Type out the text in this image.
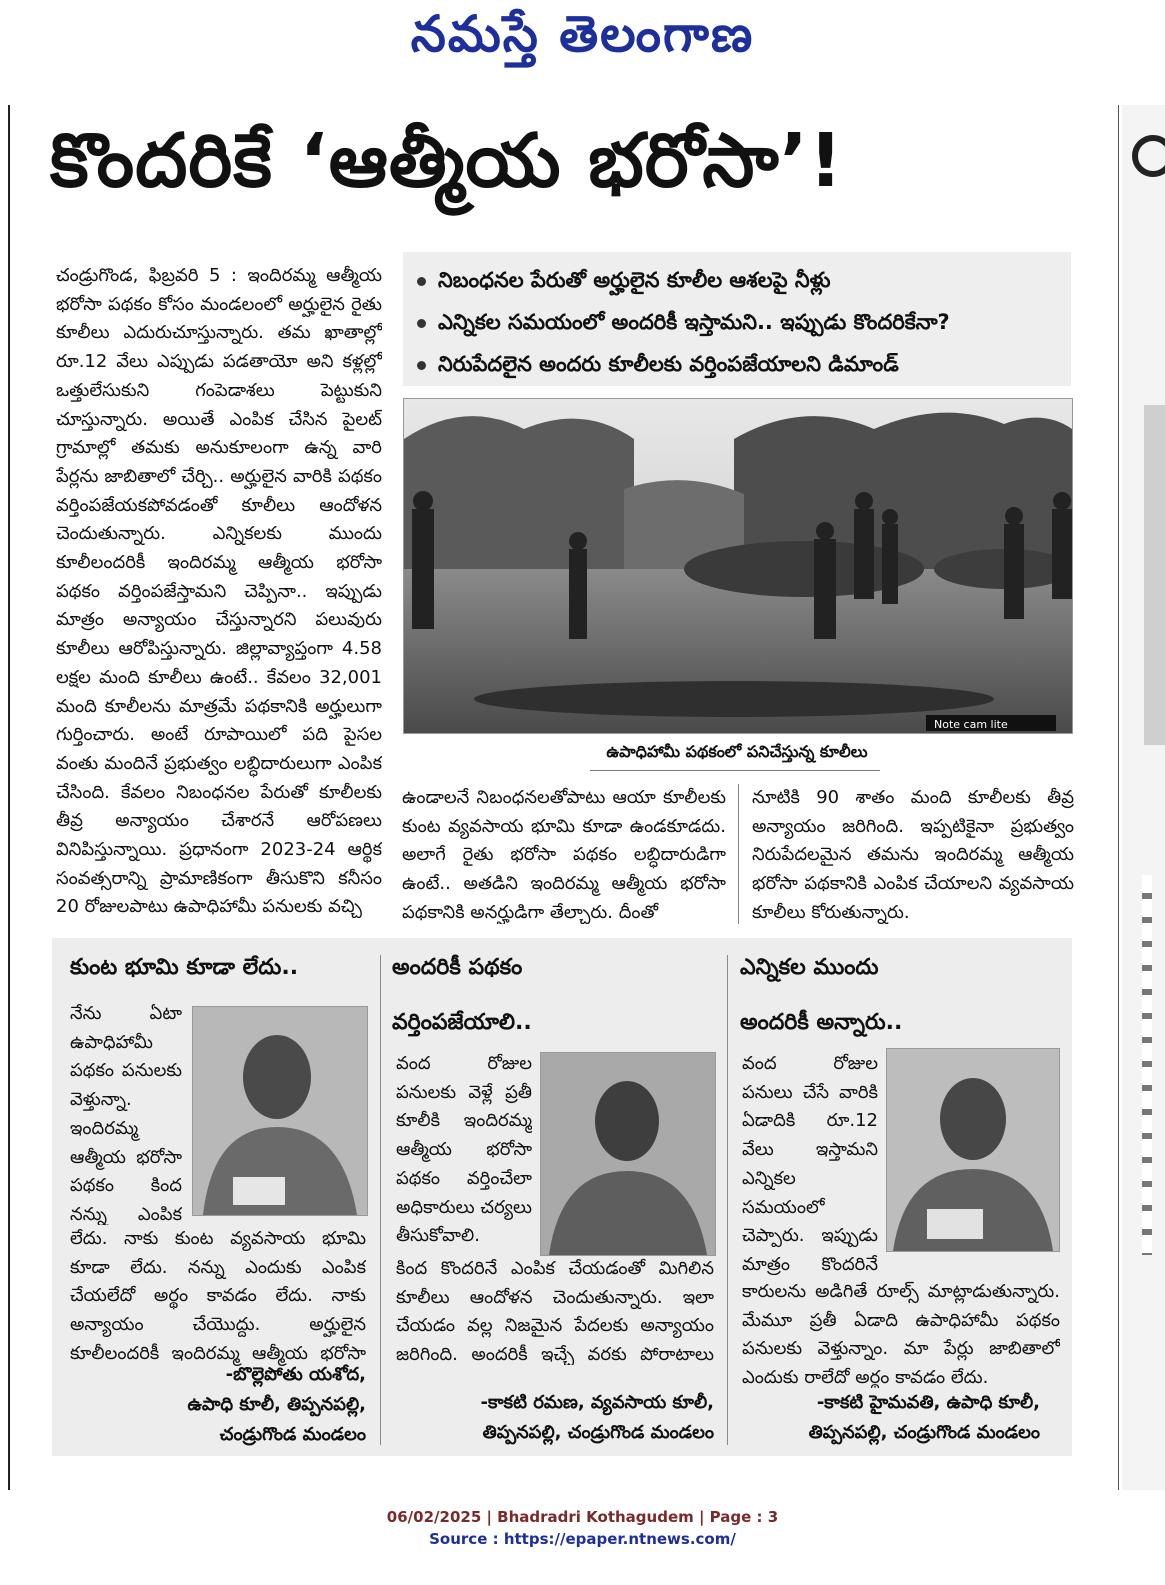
నమస్తే తెలంగాణ
కొందరికే ‘ఆత్మీయ భరోసా’!
చండ్రుగొండ, ఫిబ్రవరి 5 : ఇందిరమ్మ ఆత్మీయ భరోసా పథకం కోసం మండలంలో అర్హులైన రైతు కూలీలు ఎదురుచూస్తున్నారు. తమ ఖాతాల్లో రూ.12 వేలు ఎప్పుడు పడతాయో అని కళ్లల్లో ఒత్తులేసుకుని గంపెడాశలు పెట్టుకుని చూస్తున్నారు. అయితే ఎంపిక చేసిన పైలట్ గ్రామాల్లో తమకు అనుకూలంగా ఉన్న వారి పేర్లను జాబితాలో చేర్చి.. అర్హులైన వారికి పథకం వర్తింపజేయకపోవడంతో కూలీలు ఆందోళన చెందుతున్నారు. ఎన్నికలకు ముందు కూలీలందరికీ ఇందిరమ్మ ఆత్మీయ భరోసా పథకం వర్తింపజేస్తామని చెప్పినా.. ఇప్పుడు మాత్రం అన్యాయం చేస్తున్నారని పలువురు కూలీలు ఆరోపిస్తున్నారు. జిల్లావ్యాప్తంగా 4.58 లక్షల మంది కూలీలు ఉంటే.. కేవలం 32,001 మంది కూలీలను మాత్రమే పథకానికి అర్హులుగా గుర్తించారు. అంటే రూపాయిలో పది పైసల వంతు మందినే ప్రభుత్వం లబ్ధిదారులుగా ఎంపిక చేసింది. కేవలం నిబంధనల పేరుతో కూలీలకు తీవ్ర అన్యాయం చేశారనే ఆరోపణలు వినిపిస్తున్నాయి. ప్రధానంగా 2023-24 ఆర్థిక సంవత్సరాన్ని ప్రామాణికంగా తీసుకొని కనీసం 20 రోజులపాటు ఉపాధిహామీ పనులకు వచ్చి
నిబంధనల పేరుతో అర్హులైన కూలీల ఆశలపై నీళ్లు
ఎన్నికల సమయంలో అందరికీ ఇస్తామని.. ఇప్పుడు కొందరికేనా?
నిరుపేదలైన అందరు కూలీలకు వర్తింపజేయాలని డిమాండ్
Note cam lite
ఉపాధిహామీ పథకంలో పనిచేస్తున్న కూలీలు
ఉండాలనే నిబంధనలతోపాటు ఆయా కూలీలకు కుంట వ్యవసాయ భూమి కూడా ఉండకూడదు. అలాగే రైతు భరోసా పథకం లబ్ధిదారుడిగా ఉంటే.. అతడిని ఇందిరమ్మ ఆత్మీయ భరోసా పథకానికి అనర్హుడిగా తేల్చారు. దీంతో
నూటికి 90 శాతం మంది కూలీలకు తీవ్ర అన్యాయం జరిగింది. ఇప్పటికైనా ప్రభుత్వం నిరుపేదలమైన తమను ఇందిరమ్మ ఆత్మీయ భరోసా పథకానికి ఎంపిక చేయాలని వ్యవసాయ కూలీలు కోరుతున్నారు.
కుంట భూమి కూడా లేదు..
నేను ఏటా ఉపాధిహామీ పథకం పనులకు వెళ్తున్నా. ఇందిరమ్మ ఆత్మీయ భరోసా పథకం కింద నన్ను ఎంపిక
లేదు. నాకు కుంట వ్యవసాయ భూమి కూడా లేదు. నన్ను ఎందుకు ఎంపిక చేయలేదో అర్థం కావడం లేదు. నాకు అన్యాయం చేయొద్దు. అర్హులైన కూలీలందరికీ ఇందిరమ్మ ఆత్మీయ భరోసా
-బొల్లెపోతు యశోద,
ఉపాధి కూలీ, తిప్పనపల్లి,
చండ్రుగొండ మండలం
అందరికీ పథకం
వర్తింపజేయాలి..
వంద రోజుల పనులకు వెళ్లే ప్రతీ కూలీకి ఇందిరమ్మ ఆత్మీయ భరోసా పథకం వర్తించేలా అధికారులు చర్యలు తీసుకోవాలి.
కింద కొందరినే ఎంపిక చేయడంతో మిగిలిన కూలీలు ఆందోళన చెందుతున్నారు. ఇలా చేయడం వల్ల నిజమైన పేదలకు అన్యాయం జరిగింది. అందరికీ ఇచ్చే వరకు పోరాటాలు
-కాకటి రమణ, వ్యవసాయ కూలీ,
తిప్పనపల్లి, చండ్రుగొండ మండలం
ఎన్నికల ముందు
అందరికీ అన్నారు..
వంద రోజుల పనులు చేసే వారికి ఏడాదికి రూ.12 వేలు ఇస్తామని ఎన్నికల సమయంలో చెప్పారు. ఇప్పుడు మాత్రం కొందరినే
కారులను అడిగితే రూల్స్ మాట్లాడుతున్నారు. మేమూ ప్రతీ ఏడాది ఉపాధిహామీ పథకం పనులకు వెళ్తున్నాం. మా పేర్లు జాబితాలో ఎందుకు రాలేదో అర్థం కావడం లేదు.
-కాకటి హైమవతి, ఉపాధి కూలీ,
తిప్పనపల్లి, చండ్రుగొండ మండలం
06/02/2025 | Bhadradri Kothagudem | Page : 3
Source : https://epaper.ntnews.com/
